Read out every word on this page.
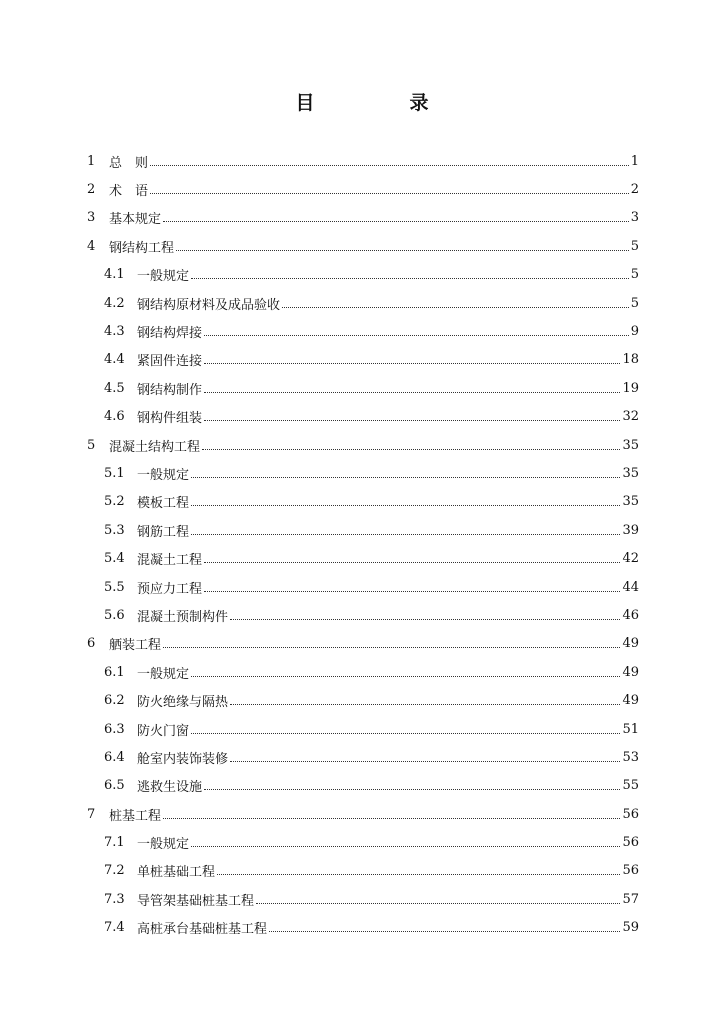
目　录
1	总　则	1
2	术　语	2
3	基本规定	3
4	钢结构工程	5
4.1 一般规定	5
4.2 钢结构原材料及成品验收	5
4.3 钢结构焊接	9
4.4 紧固件连接	18
4.5 钢结构制作	19
4.6 钢构件组装	32
5	混凝土结构工程	35
5.1 一般规定	35
5.2 模板工程	35
5.3 钢筋工程	39
5.4 混凝土工程	42
5.5 预应力工程	44
5.6 混凝土预制构件	46
6	舾装工程	49
6.1 一般规定	49
6.2 防火绝缘与隔热	49
6.3 防火门窗	51
6.4 舱室内装饰装修	53
6.5 逃救生设施	55
7	桩基工程	56
7.1 一般规定	56
7.2 单桩基础工程	56
7.3 导管架基础桩基工程	57
7.4 高桩承台基础桩基工程	59
